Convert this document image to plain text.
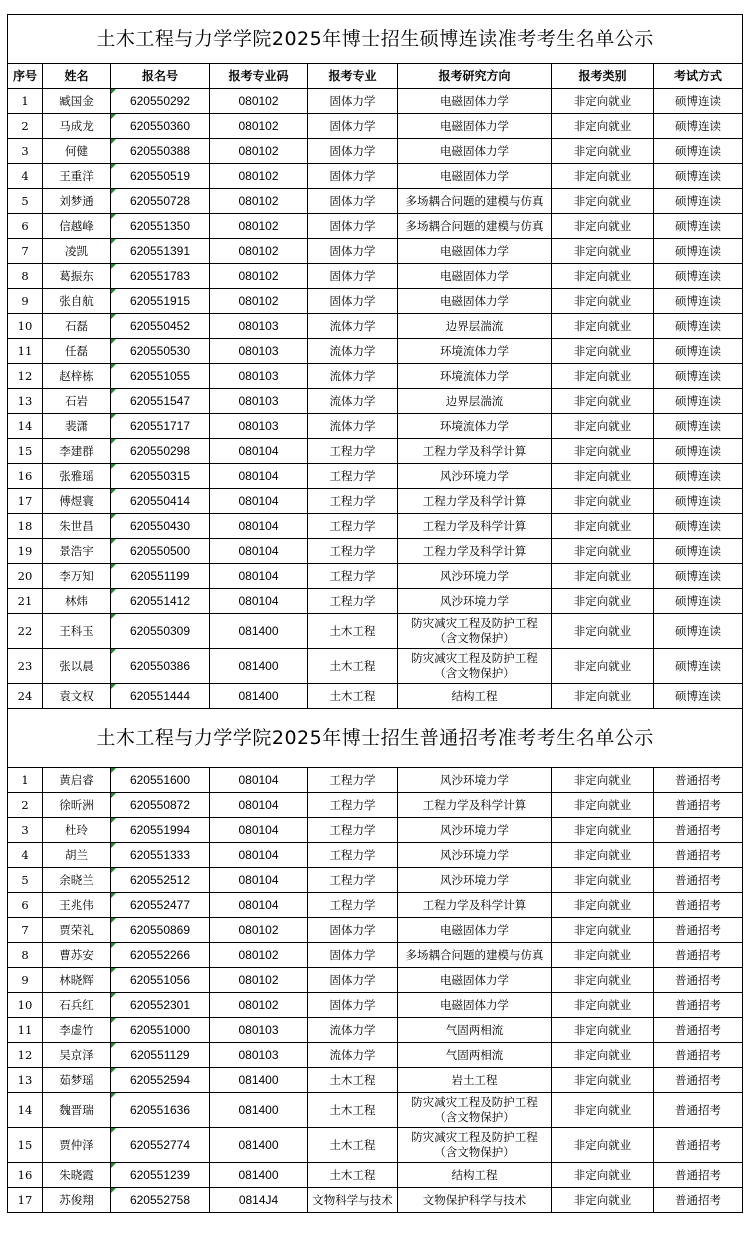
土木工程与力学学院2025年博士招生硕博连读准考考生名单公示							
序号	姓名	报名号	报考专业码	报考专业	报考研究方向	报考类别	考试方式
1	臧国金	620550292	080102	固体力学	电磁固体力学	非定向就业	硕博连读
2	马成龙	620550360	080102	固体力学	电磁固体力学	非定向就业	硕博连读
3	何健	620550388	080102	固体力学	电磁固体力学	非定向就业	硕博连读
4	王重洋	620550519	080102	固体力学	电磁固体力学	非定向就业	硕博连读
5	刘梦通	620550728	080102	固体力学	多场耦合问题的建模与仿真	非定向就业	硕博连读
6	信越峰	620551350	080102	固体力学	多场耦合问题的建模与仿真	非定向就业	硕博连读
7	凌凯	620551391	080102	固体力学	电磁固体力学	非定向就业	硕博连读
8	葛振东	620551783	080102	固体力学	电磁固体力学	非定向就业	硕博连读
9	张自航	620551915	080102	固体力学	电磁固体力学	非定向就业	硕博连读
10	石磊	620550452	080103	流体力学	边界层湍流	非定向就业	硕博连读
11	任磊	620550530	080103	流体力学	环境流体力学	非定向就业	硕博连读
12	赵梓栋	620551055	080103	流体力学	环境流体力学	非定向就业	硕博连读
13	石岩	620551547	080103	流体力学	边界层湍流	非定向就业	硕博连读
14	裴潇	620551717	080103	流体力学	环境流体力学	非定向就业	硕博连读
15	李建群	620550298	080104	工程力学	工程力学及科学计算	非定向就业	硕博连读
16	张雅瑶	620550315	080104	工程力学	风沙环境力学	非定向就业	硕博连读
17	傅煜寰	620550414	080104	工程力学	工程力学及科学计算	非定向就业	硕博连读
18	朱世昌	620550430	080104	工程力学	工程力学及科学计算	非定向就业	硕博连读
19	景浩宇	620550500	080104	工程力学	工程力学及科学计算	非定向就业	硕博连读
20	李万知	620551199	080104	工程力学	风沙环境力学	非定向就业	硕博连读
21	林炜	620551412	080104	工程力学	风沙环境力学	非定向就业	硕博连读
22	王科玉	620550309	081400	土木工程	防灾减灾工程及防护工程（含文物保护）	非定向就业	硕博连读
23	张以晨	620550386	081400	土木工程	防灾减灾工程及防护工程（含文物保护）	非定向就业	硕博连读
24	袁文权	620551444	081400	土木工程	结构工程	非定向就业	硕博连读
土木工程与力学学院2025年博士招生普通招考准考考生名单公示							
1	黄启睿	620551600	080104	工程力学	风沙环境力学	非定向就业	普通招考
2	徐昕洲	620550872	080104	工程力学	工程力学及科学计算	非定向就业	普通招考
3	杜玲	620551994	080104	工程力学	风沙环境力学	非定向就业	普通招考
4	胡兰	620551333	080104	工程力学	风沙环境力学	非定向就业	普通招考
5	余晓兰	620552512	080104	工程力学	风沙环境力学	非定向就业	普通招考
6	王兆伟	620552477	080104	工程力学	工程力学及科学计算	非定向就业	普通招考
7	贾荣礼	620550869	080102	固体力学	电磁固体力学	非定向就业	普通招考
8	曹苏安	620552266	080102	固体力学	多场耦合问题的建模与仿真	非定向就业	普通招考
9	林晓辉	620551056	080102	固体力学	电磁固体力学	非定向就业	普通招考
10	石兵红	620552301	080102	固体力学	电磁固体力学	非定向就业	普通招考
11	李虚竹	620551000	080103	流体力学	气固两相流	非定向就业	普通招考
12	吴京泽	620551129	080103	流体力学	气固两相流	非定向就业	普通招考
13	茹梦瑶	620552594	081400	土木工程	岩土工程	非定向就业	普通招考
14	魏晋瑞	620551636	081400	土木工程	防灾减灾工程及防护工程（含文物保护）	非定向就业	普通招考
15	贾仲泽	620552774	081400	土木工程	防灾减灾工程及防护工程（含文物保护）	非定向就业	普通招考
16	朱晓霞	620551239	081400	土木工程	结构工程	非定向就业	普通招考
17	苏俊翔	620552758	0814J4	文物科学与技术	文物保护科学与技术	非定向就业	普通招考
